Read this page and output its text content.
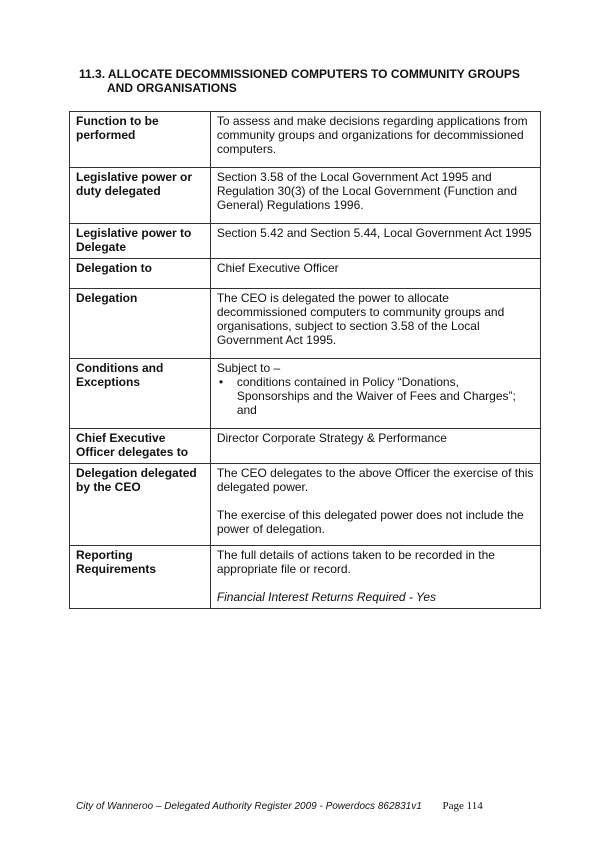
11.3. ALLOCATE DECOMMISSIONED COMPUTERS TO COMMUNITY GROUPS
AND ORGANISATIONS
Function to be performed	To assess and make decisions regarding applications from community groups and organizations for decommissioned computers.
Legislative power or duty delegated	Section 3.58 of the Local Government Act 1995 and Regulation 30(3) of the Local Government (Function and General) Regulations 1996.
Legislative power to Delegate	Section 5.42 and Section 5.44, Local Government Act 1995
Delegation to	Chief Executive Officer
Delegation	The CEO is delegated the power to allocate decommissioned computers to community groups and organisations, subject to section 3.58 of the Local Government Act 1995.
Conditions and Exceptions	Subject to –
• conditions contained in Policy “Donations, Sponsorships and the Waiver of Fees and Charges”; and

Chief Executive Officer delegates to	Director Corporate Strategy & Performance
Delegation delegated by the CEO	The CEO delegates to the above Officer the exercise of this delegated power.
The exercise of this delegated power does not include the power of delegation.

Reporting Requirements	The full details of actions taken to be recorded in the appropriate file or record.
Financial Interest Returns Required - Yes
City of Wanneroo – Delegated Authority Register 2009 - Powerdocs 862831v1 Page 114
